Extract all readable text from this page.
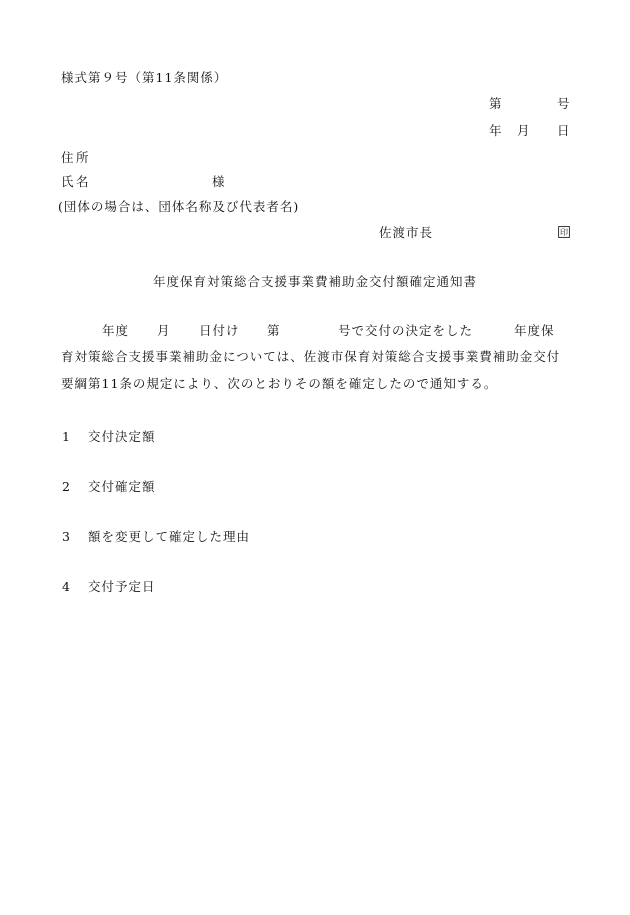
様式第９号（第11条関係）
第	号
年 月 日
住所
氏名	様
(団体の場合は、団体名称及び代表者名)
佐渡市長	印
年度保育対策総合支援事業費補助金交付額確定通知書
年度 月 日付け 第	号で交付の決定をした	年度保
育対策総合支援事業補助金については、佐渡市保育対策総合支援事業費補助金交付
要綱第11条の規定により、次のとおりその額を確定したので通知する。
1 交付決定額
2 交付確定額
3 額を変更して確定した理由
4 交付予定日
